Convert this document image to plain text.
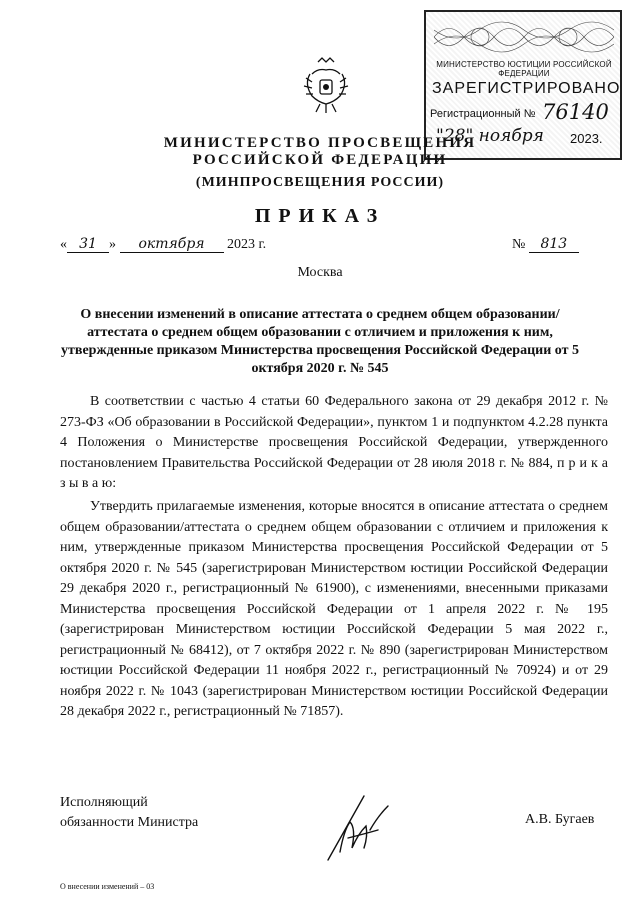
МИНИСТЕРСТВО ЮСТИЦИИ РОССИЙСКОЙ ФЕДЕРАЦИИ
ЗАРЕГИСТРИРОВАНО
Регистрационный № 76140
"28" ноября 2023.
МИНИСТЕРСТВО ПРОСВЕЩЕНИЯ
РОССИЙСКОЙ ФЕДЕРАЦИИ
(МИНПРОСВЕЩЕНИЯ РОССИИ)
ПРИКАЗ
« 31 » октября 2023 г.	№ 813
Москва
О внесении изменений в описание аттестата о среднем общем образовании/аттестата о среднем общем образовании с отличием и приложения к ним, утвержденные приказом Министерства просвещения Российской Федерации от 5 октября 2020 г. № 545
В соответствии с частью 4 статьи 60 Федерального закона от 29 декабря 2012 г. № 273-ФЗ «Об образовании в Российской Федерации», пунктом 1 и подпунктом 4.2.28 пункта 4 Положения о Министерстве просвещения Российской Федерации, утвержденного постановлением Правительства Российской Федерации от 28 июля 2018 г. № 884, п р и к а з ы в а ю:
Утвердить прилагаемые изменения, которые вносятся в описание аттестата о среднем общем образовании/аттестата о среднем общем образовании с отличием и приложения к ним, утвержденные приказом Министерства просвещения Российской Федерации от 5 октября 2020 г. № 545 (зарегистрирован Министерством юстиции Российской Федерации 29 декабря 2020 г., регистрационный № 61900), с изменениями, внесенными приказами Министерства просвещения Российской Федерации от 1 апреля 2022 г. № 195 (зарегистрирован Министерством юстиции Российской Федерации 5 мая 2022 г., регистрационный № 68412), от 7 октября 2022 г. № 890 (зарегистрирован Министерством юстиции Российской Федерации 11 ноября 2022 г., регистрационный № 70924) и от 29 ноября 2022 г. № 1043 (зарегистрирован Министерством юстиции Российской Федерации 28 декабря 2022 г., регистрационный № 71857).
Исполняющий
обязанности Министра	А.В. Бугаев
О внесении изменений – 03
